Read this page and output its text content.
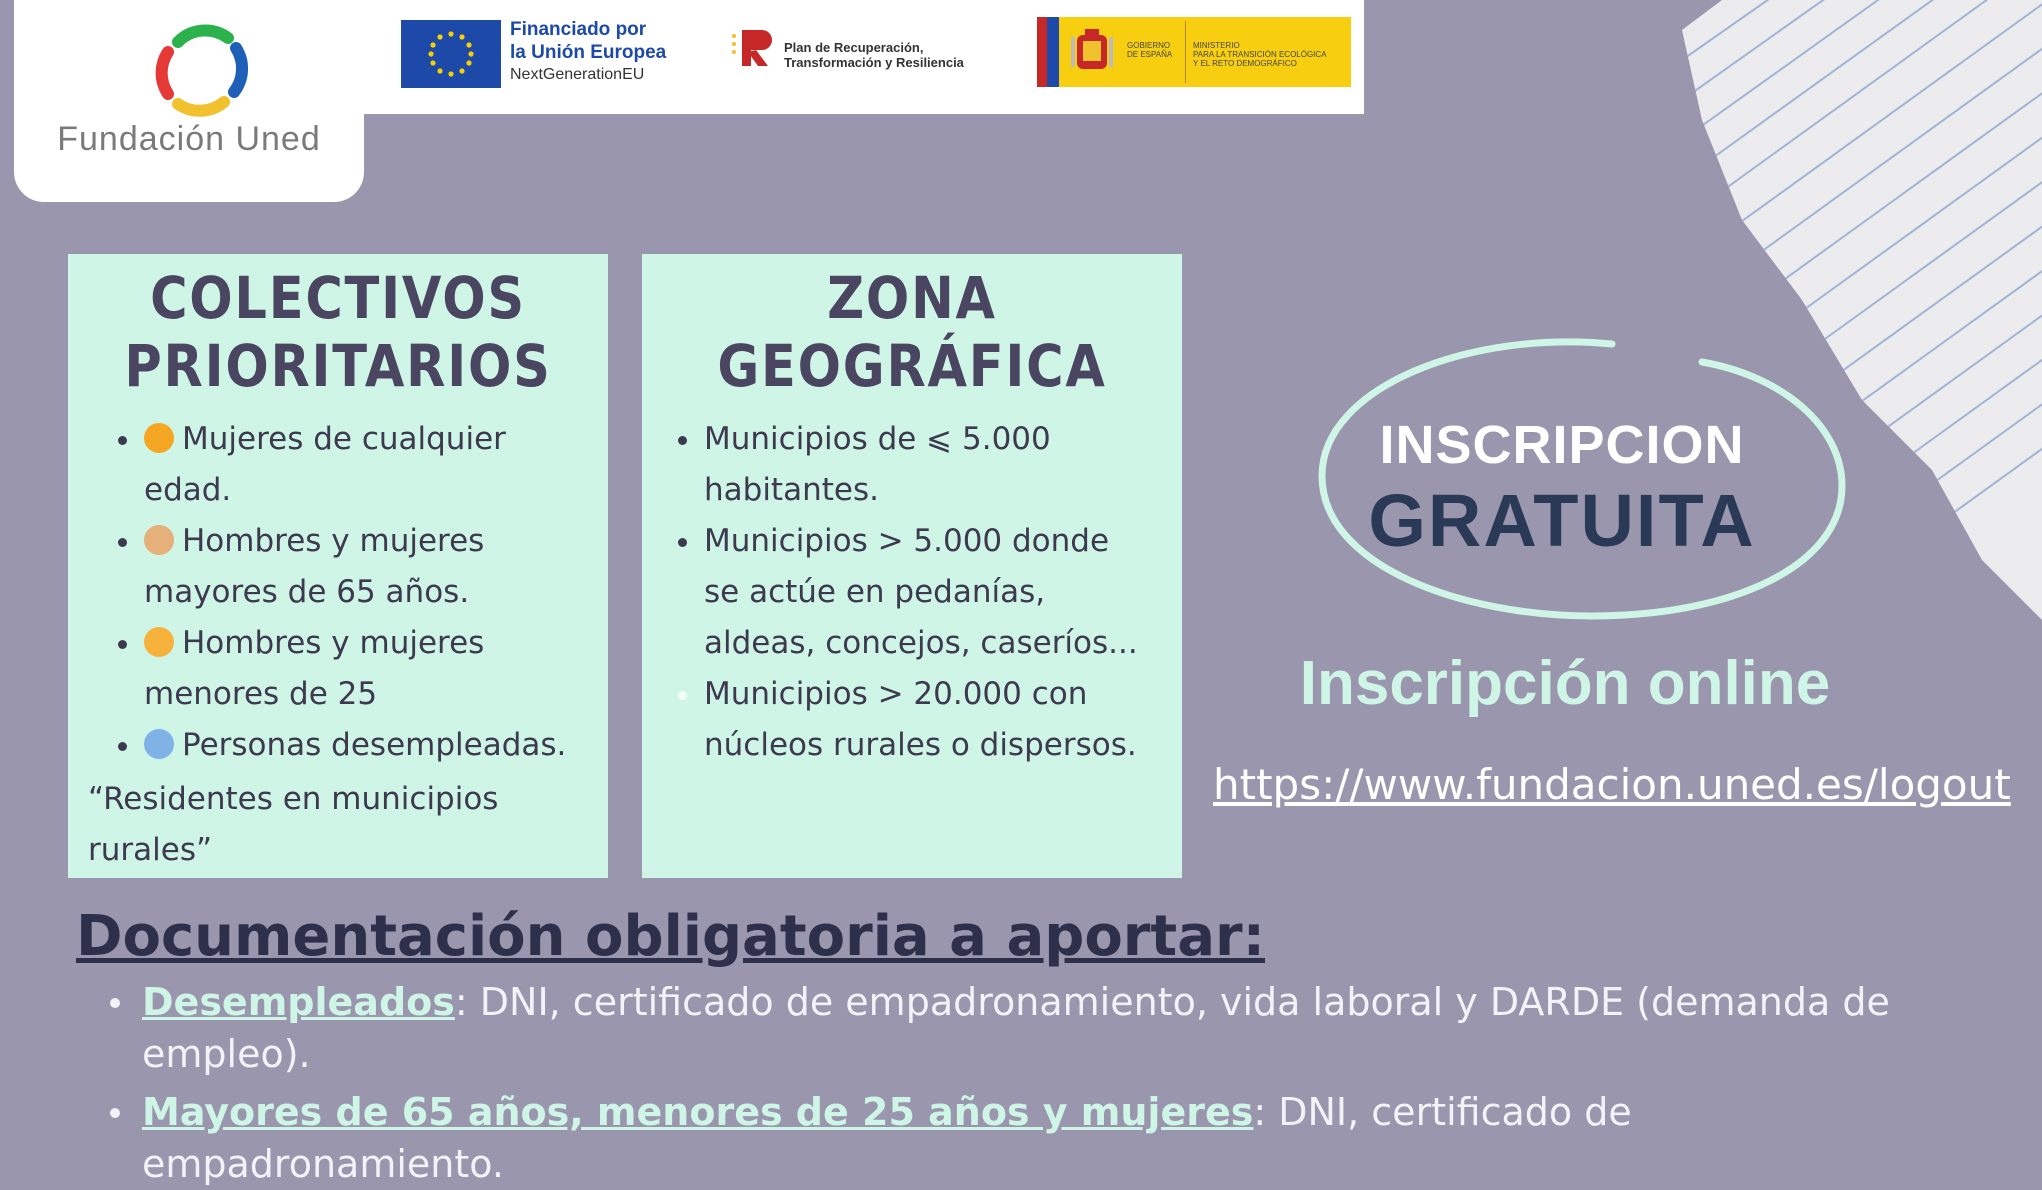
Fundación Uned
Financiado por
la Unión Europea
NextGenerationEU
Plan de Recuperación,
Transformación y Resiliencia
GOBIERNO
DE ESPAÑA
MINISTERIO
PARA LA TRANSICIÓN ECOLÓGICA
Y EL RETO DEMOGRÁFICO
COLECTIVOS
PRIORITARIOS
Mujeres de cualquier edad.
Hombres y mujeres mayores de 65 años.
Hombres y mujeres menores de 25
Personas desempleadas.
“Residentes en municipios rurales”
ZONA
GEOGRÁFICA
Municipios de ⩽ 5.000 habitantes.
Municipios > 5.000 donde se actúe en pedanías, aldeas, concejos, caseríos...
Municipios > 20.000 con núcleos rurales o dispersos.
INSCRIPCION
GRATUITA
Inscripción online
https://www.fundacion.uned.es/logout
Documentación obligatoria a aportar:
Desempleados: DNI, certificado de empadronamiento, vida laboral y DARDE (demanda de empleo).
Mayores de 65 años, menores de 25 años y mujeres: DNI, certificado de empadronamiento.
